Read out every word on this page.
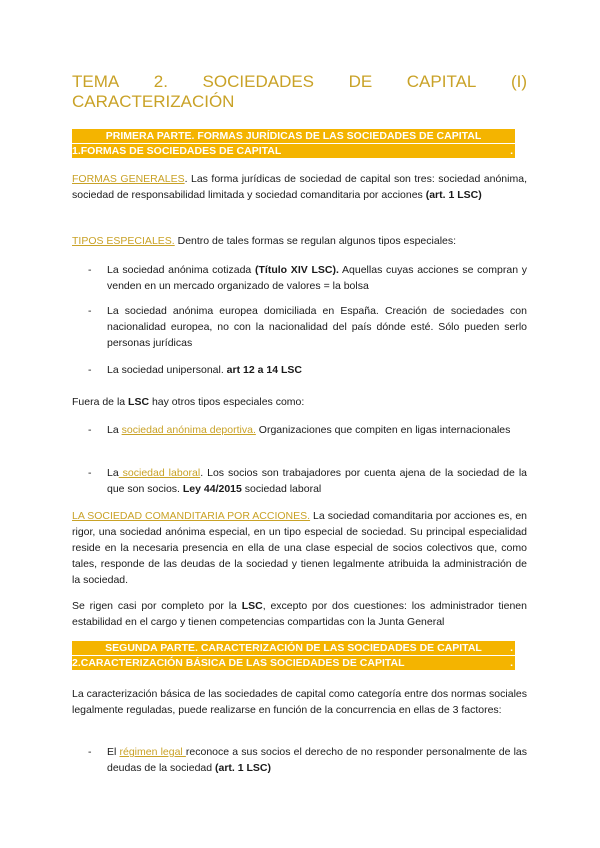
TEMA 2. SOCIEDADES DE CAPITAL (I)
CARACTERIZACIÓN
PRIMERA PARTE. FORMAS JURÍDICAS DE LAS SOCIEDADES DE CAPITAL
1.FORMAS DE SOCIEDADES DE CAPITAL	.
FORMAS GENERALES. Las forma jurídicas de sociedad de capital son tres: sociedad anónima, sociedad de responsabilidad limitada y sociedad comanditaria por acciones (art. 1 LSC)
TIPOS ESPECIALES. Dentro de tales formas se regulan algunos tipos especiales:
- La sociedad anónima cotizada (Título XIV LSC). Aquellas cuyas acciones se compran y venden en un mercado organizado de valores = la bolsa
- La sociedad anónima europea domiciliada en España. Creación de sociedades con nacionalidad europea, no con la nacionalidad del país dónde esté. Sólo pueden serlo personas jurídicas
- La sociedad unipersonal. art 12 a 14 LSC
Fuera de la LSC hay otros tipos especiales como:
- La sociedad anónima deportiva. Organizaciones que compiten en ligas internacionales
- La sociedad laboral. Los socios son trabajadores por cuenta ajena de la sociedad de la que son socios. Ley 44/2015 sociedad laboral
LA SOCIEDAD COMANDITARIA POR ACCIONES. La sociedad comanditaria por acciones es, en rigor, una sociedad anónima especial, en un tipo especial de sociedad. Su principal especialidad reside en la necesaria presencia en ella de una clase especial de socios colectivos que, como tales, responde de las deudas de la sociedad y tienen legalmente atribuida la administración de la sociedad.
Se rigen casi por completo por la LSC, excepto por dos cuestiones: los administrador tienen estabilidad en el cargo y tienen competencias compartidas con la Junta General
SEGUNDA PARTE. CARACTERIZACIÓN DE LAS SOCIEDADES DE CAPITAL	.
2.CARACTERIZACIÓN BÁSICA DE LAS SOCIEDADES DE CAPITAL	.
La caracterización básica de las sociedades de capital como categoría entre dos normas sociales legalmente reguladas, puede realizarse en función de la concurrencia en ellas de 3 factores:
- El régimen legal reconoce a sus socios el derecho de no responder personalmente de las deudas de la sociedad (art. 1 LSC)
